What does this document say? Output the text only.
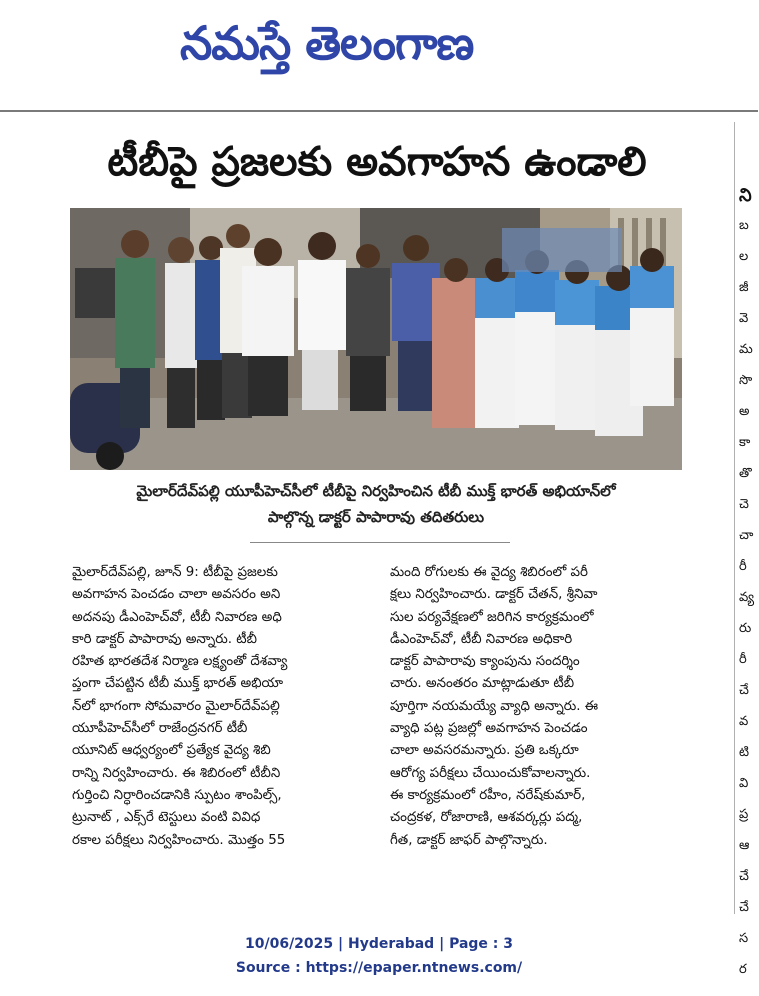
నమస్తే తెలంగాణ
ని
బ
ల
జీ
వె
మ
సొ
అ
కా
తొ
చె
చా
రీ
వ్య
రు
రీ
చే
వ
టి
వి
ప్ర
ఆ
చే
చే
స
ర
టీబీపై ప్రజలకు అవగాహన ఉండాలి
మైలార్‌దేవ్‌పల్లి యూపీహెచ్‌సీలో టీబీపై నిర్వహించిన టీబీ ముక్త్ భారత్ అభియాన్‌లో
పాల్గొన్న డాక్టర్ పాపారావు తదితరులు
మైలార్‌దేవ్‌పల్లి, జూన్ 9: టీబీపై ప్రజలకు
అవగాహన పెంచడం చాలా అవసరం అని
అదనపు డీఎంహెచ్‌వో, టీబీ నివారణ అధి
కారి డాక్టర్ పాపారావు అన్నారు. టీబీ
రహిత భారతదేశ నిర్మాణ లక్ష్యంతో దేశవ్యా
ప్తంగా చేపట్టిన టీబీ ముక్త్ భారత్ అభియా
న్‌లో భాగంగా సోమవారం మైలార్‌దేవ్‌పల్లి
యూపీహెచ్‌సీలో రాజేంద్రనగర్ టీబీ
యూనిట్ ఆధ్వర్యంలో ప్రత్యేక వైద్య శిబి
రాన్ని నిర్వహించారు. ఈ శిబిరంలో టీబీని
గుర్తించి నిర్ధారించడానికి స్పుటం శాంపిల్స్,
ట్రునాట్ , ఎక్స్‌రే టెస్టులు వంటి వివిధ
రకాల పరీక్షలు నిర్వహించారు. మొత్తం 55
మంది రోగులకు ఈ వైద్య శిబిరంలో పరీ
క్షలు నిర్వహించారు. డాక్టర్ చేతన్, శ్రీనివా
సుల పర్యవేక్షణలో జరిగిన కార్యక్రమంలో
డీఎంహెచ్‌వో, టీబీ నివారణ అధికారి
డాక్టర్ పాపారావు క్యాంపును సందర్శిం
చారు. అనంతరం మాట్లాడుతూ టీబీ
పూర్తిగా నయమయ్యే వ్యాధి అన్నారు. ఈ
వ్యాధి పట్ల ప్రజల్లో అవగాహన పెంచడం
చాలా అవసరమన్నారు. ప్రతి ఒక్కరూ
ఆరోగ్య పరీక్షలు చేయించుకోవాలన్నారు.
ఈ కార్యక్రమంలో రహీం, నరేష్‌కుమార్,
చంద్రకళ, రోజారాణి, ఆశవర్కర్లు పద్మ,
గీత, డాక్టర్ జాఫర్ పాల్గొన్నారు.
10/06/2025 | Hyderabad | Page : 3
Source : https://epaper.ntnews.com/
